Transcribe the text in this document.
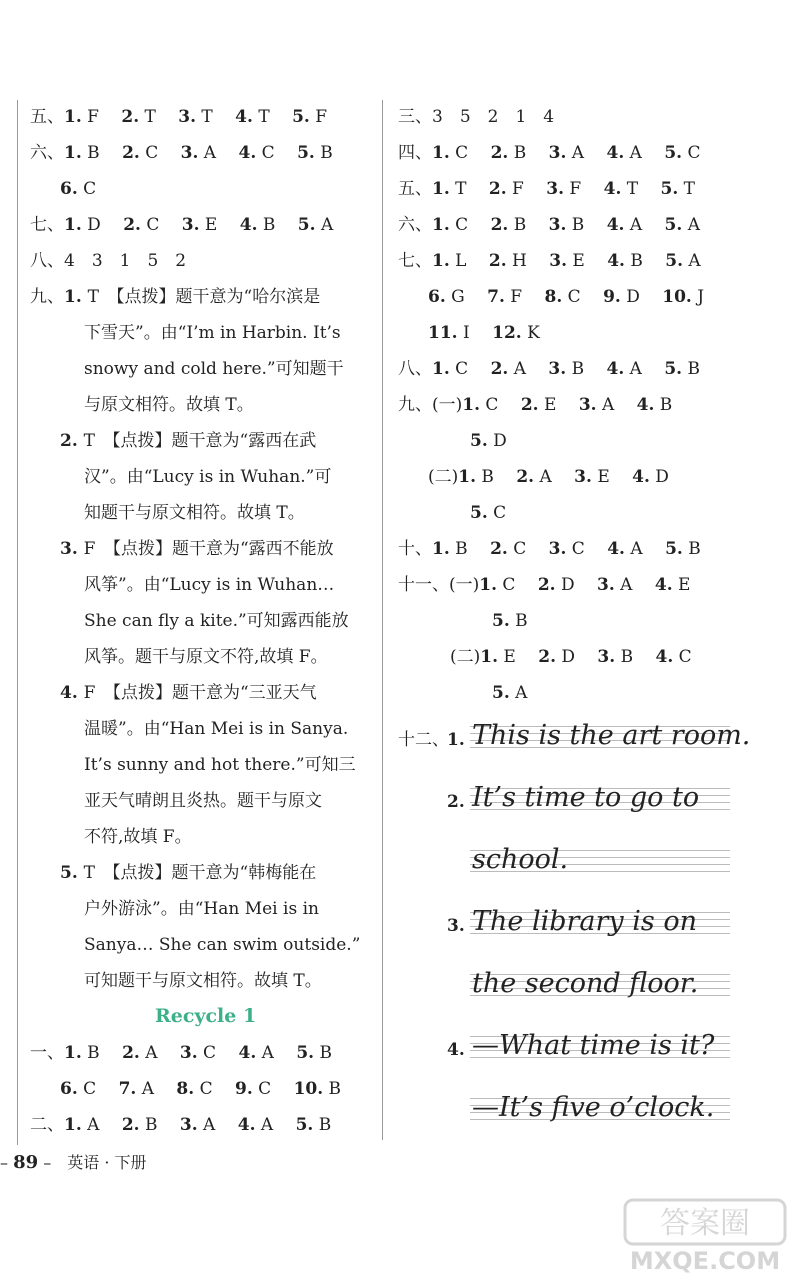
五、1. F　 2. T　 3. T　 4. T　 5. F
六、1. B　 2. C　 3. A　 4. C　 5. B
6. C
七、1. D　 2. C　 3. E　 4. B　 5. A
八、4　3　1　5　2
九、1. T　【点拨】题干意为“哈尔滨是
下雪天”。由“I’m in Harbin. It’s
snowy and cold here.”可知题干
与原文相符。故填 T。
2. T　【点拨】题干意为“露西在武
汉”。由“Lucy is in Wuhan.”可
知题干与原文相符。故填 T。
3. F　【点拨】题干意为“露西不能放
风筝”。由“Lucy is in Wuhan…
She can fly a kite.”可知露西能放
风筝。题干与原文不符,故填 F。
4. F　【点拨】题干意为“三亚天气
温暖”。由“Han Mei is in Sanya.
It’s sunny and hot there.”可知三
亚天气晴朗且炎热。题干与原文
不符,故填 F。
5. T　【点拨】题干意为“韩梅能在
户外游泳”。由“Han Mei is in
Sanya… She can swim outside.”
可知题干与原文相符。故填 T。
一、1. B　 2. A　 3. C　 4. A　 5. B
6. C　 7. A　 8. C　 9. C　 10. B
二、1. A　 2. B　 3. A　 4. A　 5. B
三、3　5　2　1　4
四、1. C　 2. B　 3. A　 4. A　 5. C
五、1. T　 2. F　 3. F　 4. T　 5. T
六、1. C　 2. B　 3. B　 4. A　 5. A
七、1. L　 2. H　 3. E　 4. B　 5. A
6. G　 7. F　 8. C　 9. D　 10. J
11. I　 12. K
八、1. C　 2. A　 3. B　 4. A　 5. B
九、(一)1. C　 2. E　 3. A　 4. B
5. D
(二)1. B　 2. A　 3. E　 4. D
5. C
十、1. B　 2. C　 3. C　 4. A　 5. B
十一、(一)1. C　 2. D　 3. A　 4. E
5. B
(二)1. E　 2. D　 3. B　 4. C
5. A
Recycle 1
十二、
1. This is the art room.
2. It’s time to go to
school.
3. The library is on
the second floor.
4. —What time is it?
—It’s five o’clock.
– 89 –　英语 · 下册
答案圈
MXQE.COM
